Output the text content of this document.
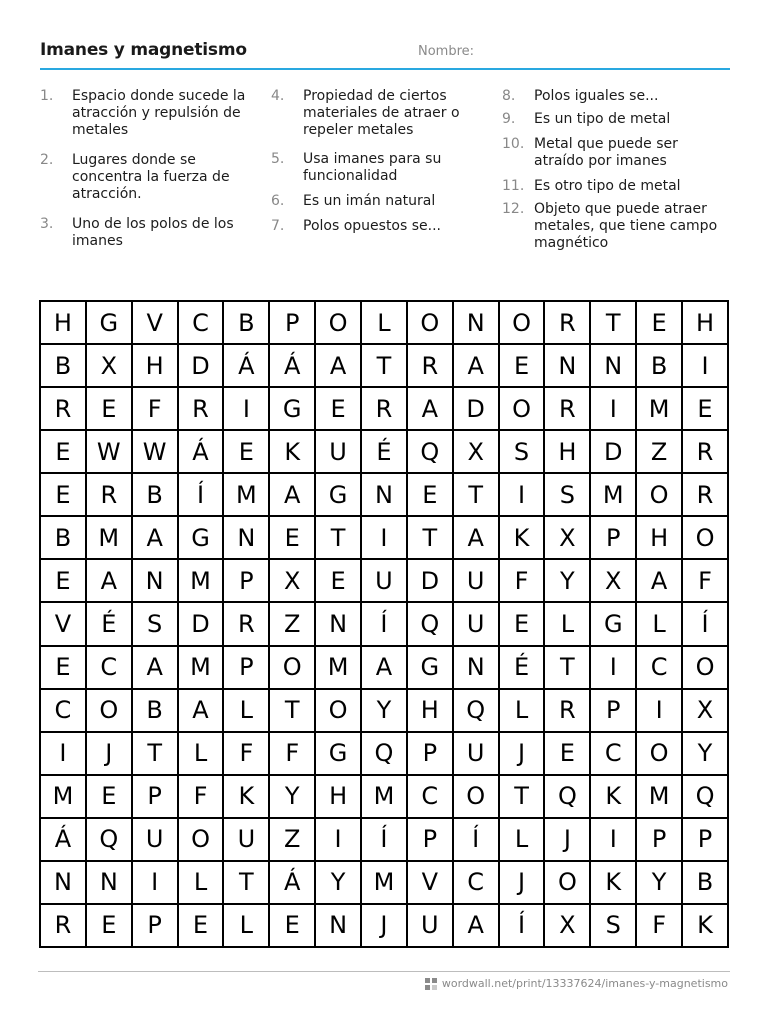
Imanes y magnetismo	Nombre:
1. Espacio donde sucede la atracción y repulsión de metales
2. Lugares donde se concentra la fuerza de atracción.
3. Uno de los polos de los imanes
4. Propiedad de ciertos materiales de atraer o repeler metales
5. Usa imanes para su funcionalidad
6. Es un imán natural
7. Polos opuestos se...
8. Polos iguales se...
9. Es un tipo de metal
10. Metal que puede ser atraído por imanes
11. Es otro tipo de metal
12. Objeto que puede atraer metales, que tiene campo magnético
H	G	V	C	B	P	O	L	O	N	O	R	T	E	H
B	X	H	D	Á	Á	A	T	R	A	E	N	N	B	I
R	E	F	R	I	G	E	R	A	D	O	R	I	M	E
E	W	W	Á	E	K	U	É	Q	X	S	H	D	Z	R
E	R	B	Í	M	A	G	N	E	T	I	S	M	O	R
B	M	A	G	N	E	T	I	T	A	K	X	P	H	O
E	A	N	M	P	X	E	U	D	U	F	Y	X	A	F
V	É	S	D	R	Z	N	Í	Q	U	E	L	G	L	Í
E	C	A	M	P	O	M	A	G	N	É	T	I	C	O
C	O	B	A	L	T	O	Y	H	Q	L	R	P	I	X
I	J	T	L	F	F	G	Q	P	U	J	E	C	O	Y
M	E	P	F	K	Y	H	M	C	O	T	Q	K	M	Q
Á	Q	U	O	U	Z	I	Í	P	Í	L	J	I	P	P
N	N	I	L	T	Á	Y	M	V	C	J	O	K	Y	B
R	E	P	E	L	E	N	J	U	A	Í	X	S	F	K
wordwall.net/print/13337624/imanes-y-magnetismo
